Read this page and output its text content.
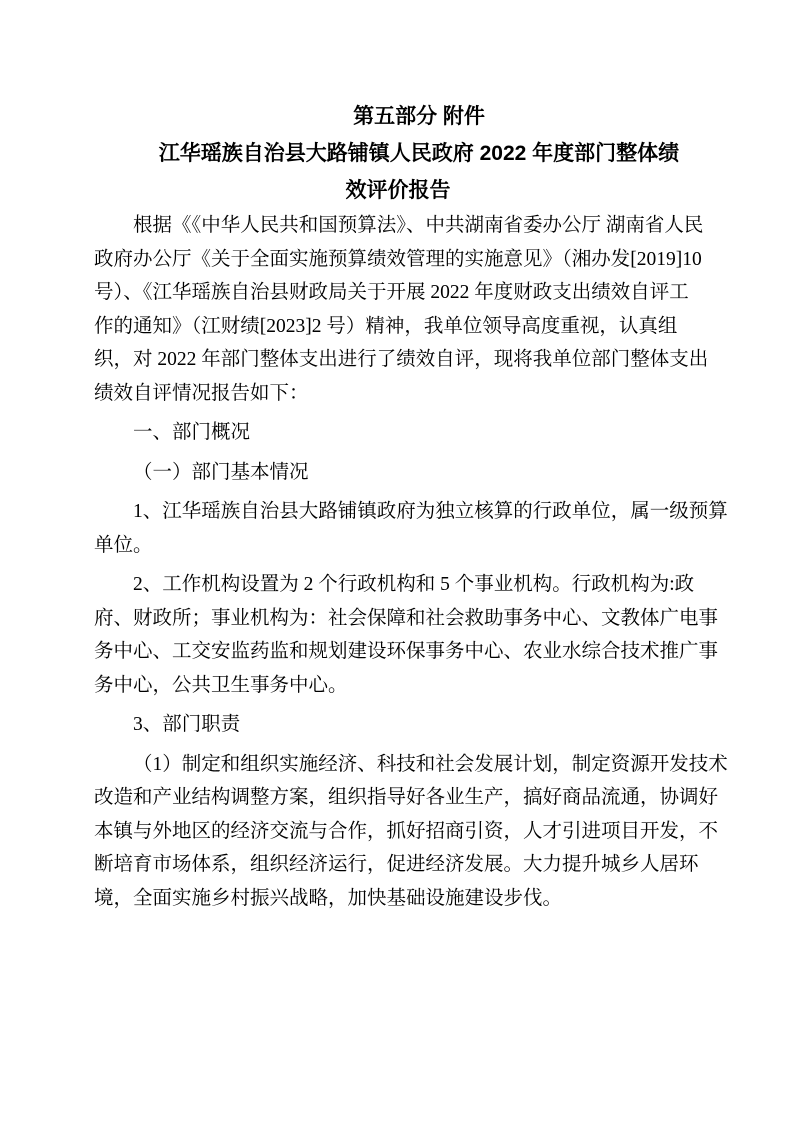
第五部分 附件
江华瑶族自治县大路铺镇人民政府 2022 年度部门整体绩
效评价报告
根据《《中华人民共和国预算法》、中共湖南省委办公厅 湖南省人民
政府办公厅《关于全面实施预算绩效管理的实施意见》（湘办发[2019]10
号）、《江华瑶族自治县财政局关于开展 2022 年度财政支出绩效自评工
作的通知》（江财绩[2023]2 号）精神，我单位领导高度重视，认真组
织，对 2022 年部门整体支出进行了绩效自评，现将我单位部门整体支出
绩效自评情况报告如下：
一、部门概况
（一）部门基本情况
1、江华瑶族自治县大路铺镇政府为独立核算的行政单位，属一级预算
单位。
2、工作机构设置为 2 个行政机构和 5 个事业机构。行政机构为:政
府、财政所；事业机构为：社会保障和社会救助事务中心、文教体广电事
务中心、工交安监药监和规划建设环保事务中心、农业水综合技术推广事
务中心，公共卫生事务中心。
3、部门职责
（1）制定和组织实施经济、科技和社会发展计划，制定资源开发技术
改造和产业结构调整方案，组织指导好各业生产，搞好商品流通，协调好
本镇与外地区的经济交流与合作，抓好招商引资，人才引进项目开发，不
断培育市场体系，组织经济运行，促进经济发展。大力提升城乡人居环
境，全面实施乡村振兴战略，加快基础设施建设步伐。
